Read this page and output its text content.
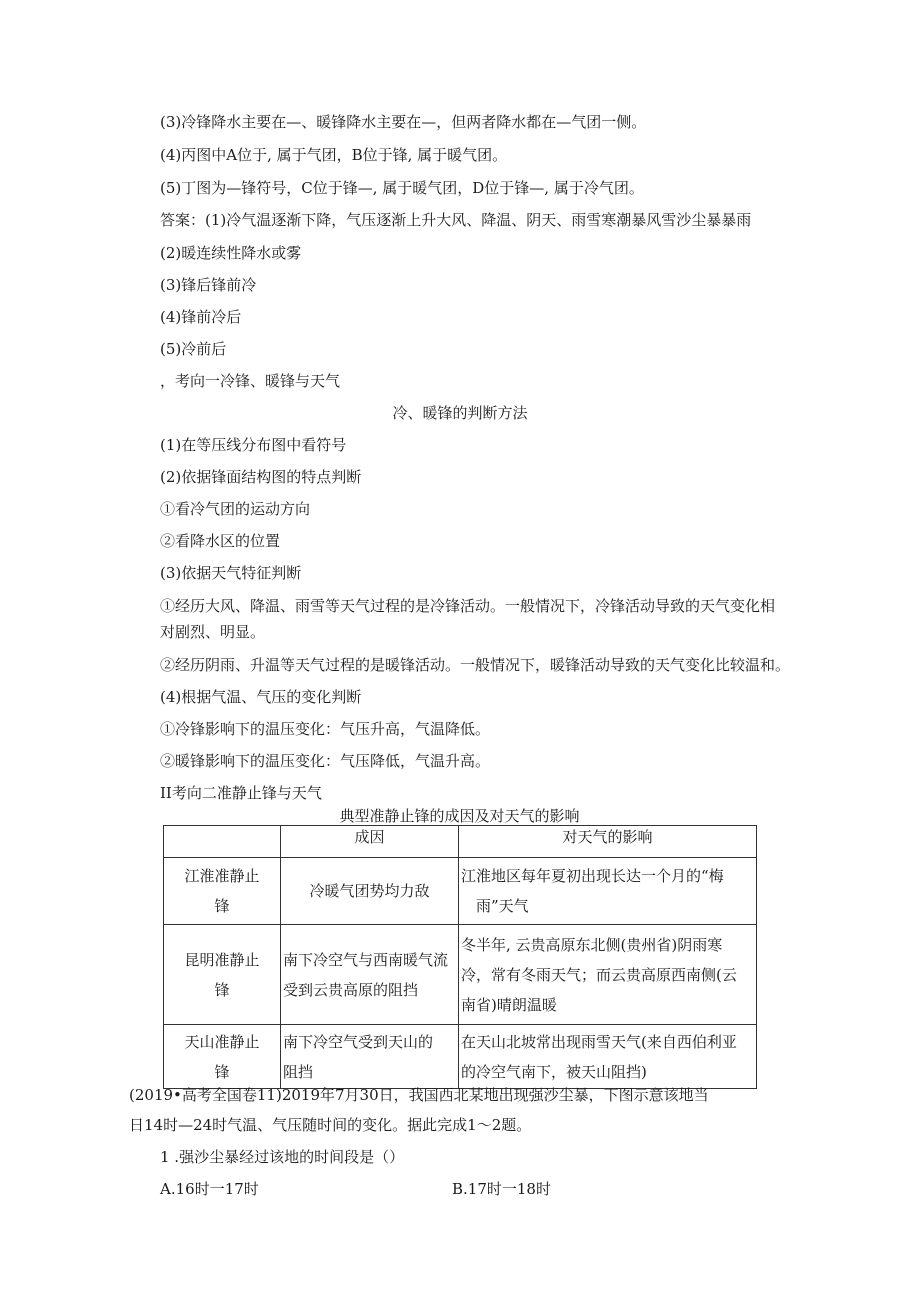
(3)冷锋降水主要在—、暖锋降水主要在—，但两者降水都在—气团一侧。
(4)丙图中A位于, 属于气团，B位于锋, 属于暖气团。
(5)丁图为—锋符号，C位于锋—, 属于暖气团，D位于锋—, 属于冷气团。
答案：(1)冷气温逐渐下降，气压逐渐上升大风、降温、阴天、雨雪寒潮暴风雪沙尘暴暴雨
(2)暖连续性降水或雾
(3)锋后锋前冷
(4)锋前冷后
(5)冷前后
，考向一冷锋、暖锋与天气
冷、暖锋的判断方法
(1)在等压线分布图中看符号
(2)依据锋面结构图的特点判断
①看冷气团的运动方向
②看降水区的位置
(3)依据天气特征判断
①经历大风、降温、雨雪等天气过程的是冷锋活动。一般情况下，冷锋活动导致的天气变化相
对剧烈、明显。
②经历阴雨、升温等天气过程的是暖锋活动。一般情况下，暖锋活动导致的天气变化比较温和。
(4)根据气温、气压的变化判断
①冷锋影响下的温压变化：气压升高，气温降低。
②暖锋影响下的温压变化：气压降低，气温升高。
II考向二准静止锋与天气
典型准静止锋的成因及对天气的影响
	成因	对天气的影响
江淮准静止
锋	冷暖气团势均力敌	江淮地区每年夏初出现长达一个月的“梅
雨”天气
昆明准静止
锋	南下冷空气与西南暖气流
受到云贵高原的阻挡	冬半年, 云贵高原东北侧(贵州省)阴雨寒
冷，常有冬雨天气；而云贵高原西南侧(云
南省)晴朗温暖
天山准静止
锋	南下冷空气受到天山的
阻挡	在天山北坡常出现雨雪天气(来自西伯利亚
的冷空气南下，被天山阻挡)
(2019•高考全国卷11)2019年7月30日，我国西北某地出现强沙尘暴，下图示意该地当
日14时—24时气温、气压随时间的变化。据此完成1～2题。
1 .强沙尘暴经过该地的时间段是（）
A.16时一17时	B.17时一18时
